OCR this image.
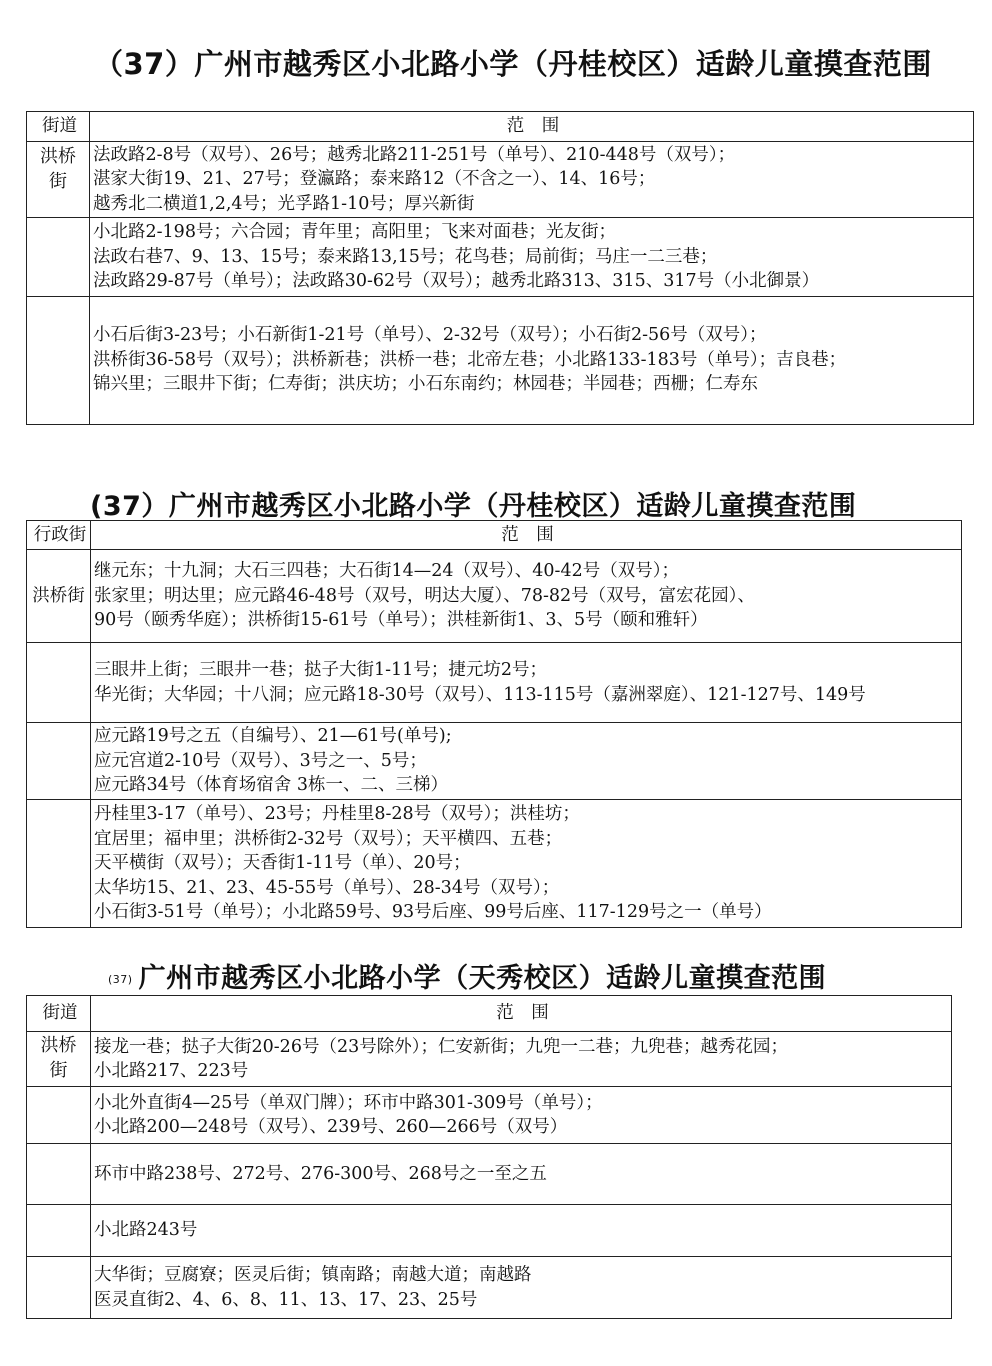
（37）广州市越秀区小北路小学（丹桂校区）适龄儿童摸查范围
街道	范　围

洪桥街	法政路2-8号（双号）、26号；越秀北路211-251号（单号）、210-448号（双号）；
湛家大街19、21、27号；登瀛路；泰来路12（不含之一）、14、16号；
越秀北二横道1,2,4号；光孚路1-10号；厚兴新街

	小北路2-198号；六合园；青年里；高阳里；飞来对面巷；光友街；
法政右巷7、9、13、15号；泰来路13,15号；花鸟巷；局前街；马庄一二三巷；
法政路29-87号（单号）；法政路30-62号（双号）；越秀北路313、315、317号（小北御景）

	小石后街3-23号；小石新街1-21号（单号）、2-32号（双号）；小石街2-56号（双号）；
洪桥街36-58号（双号）；洪桥新巷；洪桥一巷；北帝左巷；小北路133-183号（单号）；吉良巷；
锦兴里；三眼井下街；仁寿街；洪庆坊；小石东南约；林园巷；半园巷；西栅；仁寿东
(37）广州市越秀区小北路小学（丹桂校区）适龄儿童摸查范围
行政街	范　围
洪桥街	继元东；十九洞；大石三四巷；大石街14—24（双号）、40-42号（双号）；
张家里；明达里；应元路46-48号（双号，明达大厦）、78-82号（双号，富宏花园）、
90号（颐秀华庭）；洪桥街15-61号（单号）；洪桂新街1、3、5号（颐和雅轩）

	三眼井上街；三眼井一巷；挞子大街1-11号；捷元坊2号；
华光街；大华园；十八洞；应元路18-30号（双号）、113-115号（嘉洲翠庭）、121-127号、149号

	应元路19号之五（自编号）、21—61号(单号);
应元宫道2-10号（双号）、3号之一、5号；
应元路34号（体育场宿舍 3栋一、二、三梯）

	丹桂里3-17（单号）、23号；丹桂里8-28号（双号）；洪桂坊；
宜居里；福申里；洪桥街2-32号（双号）；天平横四、五巷；
天平横街（双号）；天香街1-11号（单）、20号；
太华坊15、21、23、45-55号（单号）、28-34号（双号）；
小石街3-51号（单号）；小北路59号、93号后座、99号后座、117-129号之一（单号）
(37) 广州市越秀区小北路小学（天秀校区）适龄儿童摸查范围
街道	范　围

洪桥街	接龙一巷；挞子大街20-26号（23号除外）；仁安新街；九兜一二巷；九兜巷；越秀花园；
小北路217、223号

	小北外直街4—25号（单双门牌）；环市中路301-309号（单号）；
小北路200—248号（双号）、239号、260—266号（双号）

	环市中路238号、272号、276-300号、268号之一至之五

	小北路243号

	大华街；豆腐寮；医灵后街；镇南路；南越大道；南越路
医灵直街2、4、6、8、11、13、17、23、25号
